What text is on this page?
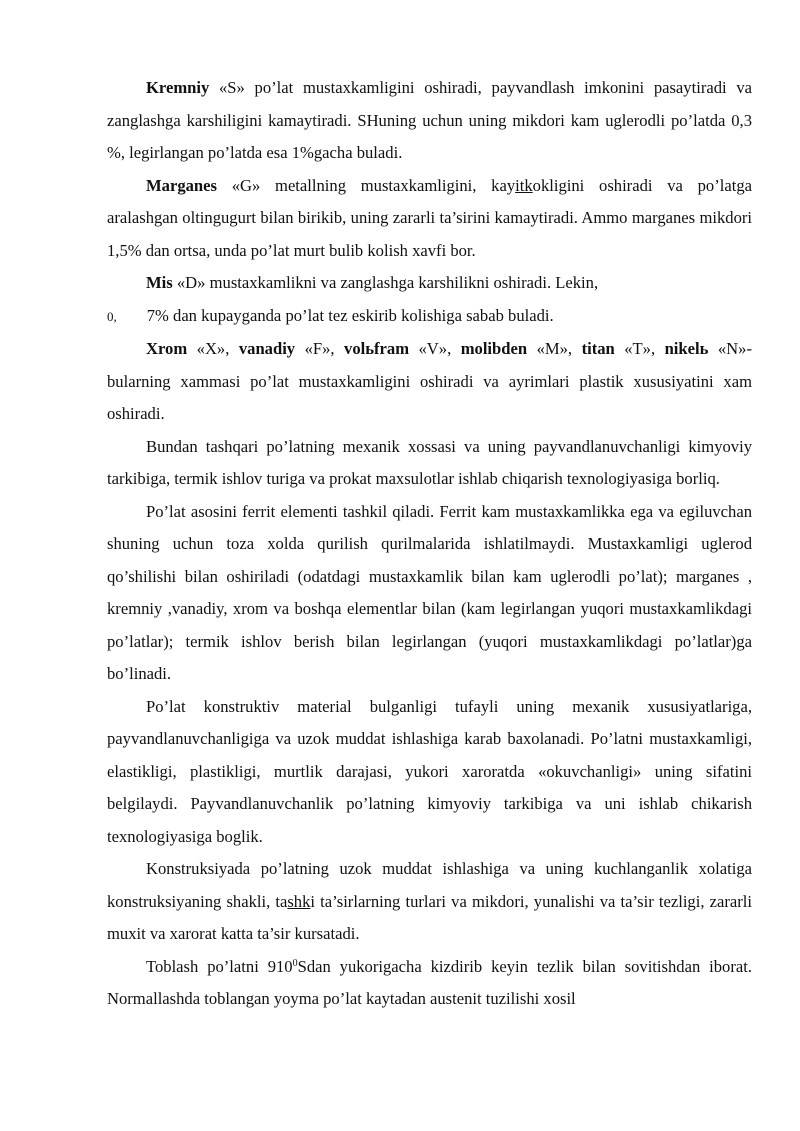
Kremniy «S» po’lat mustaxkamligini oshiradi, payvandlash imkonini pasaytiradi va zanglashga karshiligini kamaytiradi. SHuning uchun uning mikdori kam uglerodli po’latda 0,3 %, legirlangan po’latda esa 1%gacha buladi.

Marganes «G» metallning mustaxkamligini, kayitkokligini oshiradi va po’latga aralashgan oltingugurt bilan birikib, uning zararli ta’sirini kamaytiradi. Ammo marganes mikdori 1,5% dan ortsa, unda po’lat murt bulib kolish xavfi bor.

Mis «D» mustaxkamlikni va zanglashga karshilikni oshiradi. Lekin,

0, 7% dan kupayganda po’lat tez eskirib kolishiga sabab buladi.

Xrom «X», vanadiy «F», volьfram «V», molibden «M», titan «T», nikelь «N»- bularning xammasi po’lat mustaxkamligini oshiradi va ayrimlari plastik xususiyatini xam oshiradi.

Bundan tashqari po’latning mexanik xossasi va uning payvandlanuvchanligi kimyoviy tarkibiga, termik ishlov turiga va prokat maxsulotlar ishlab chiqarish texnologiyasiga borliq.

Po’lat asosini ferrit elementi tashkil qiladi. Ferrit kam mustaxkamlikka ega va egiluvchan shuning uchun toza xolda qurilish qurilmalarida ishlatilmaydi. Mustaxkamligi uglerod qo’shilishi bilan oshiriladi (odatdagi mustaxkamlik bilan kam uglerodli po’lat); marganes , kremniy ,vanadiy, xrom va boshqa elementlar bilan (kam legirlangan yuqori mustaxkamlikdagi po’latlar); termik ishlov berish bilan legirlangan (yuqori mustaxkamlikdagi po’latlar)ga bo’linadi.

Po’lat konstruktiv material bulganligi tufayli uning mexanik xususiyatlariga, payvandlanuvchanligiga va uzok muddat ishlashiga karab baxolanadi. Po’latni mustaxkamligi, elastikligi, plastikligi, murtlik darajasi, yukori xaroratda «okuvchanligi» uning sifatini belgilaydi. Payvandlanuvchanlik po’latning kimyoviy tarkibiga va uni ishlab chikarish texnologiyasiga boglik.

Konstruksiyada po’latning uzok muddat ishlashiga va uning kuchlanganlik xolatiga konstruksiyaning shakli, tashki ta’sirlarning turlari va mikdori, yunalishi va ta’sir tezligi, zararli muxit va xarorat katta ta’sir kursatadi.

Toblash po’latni $910^0Sdan$ yukorigacha kizdirib keyin tezlik bilan sovitishdan iborat. Normallashda toblangan yoyma po’lat kaytadan austenit tuzilishi xosil
